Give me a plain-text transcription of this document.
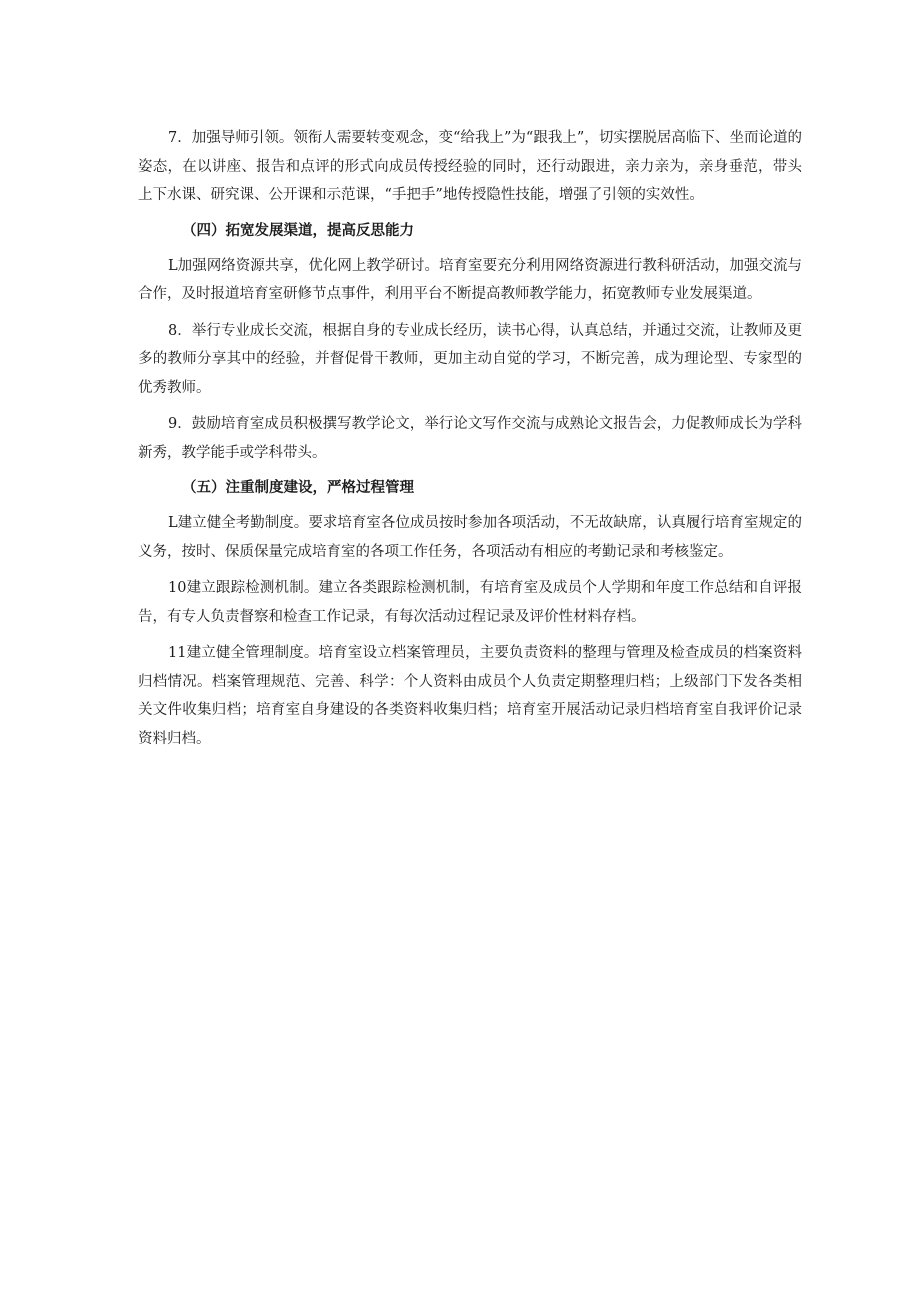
7．加强导师引领。领衔人需要转变观念，变“给我上”为“跟我上”，切实摆脱居高临下、坐而论道的姿态，在以讲座、报告和点评的形式向成员传授经验的同时，还行动跟进，亲力亲为，亲身垂范，带头上下水课、研究课、公开课和示范课，“手把手”地传授隐性技能，增强了引领的实效性。

（四）拓宽发展渠道，提高反思能力

L加强网络资源共享，优化网上教学研讨。培育室要充分利用网络资源进行教科研活动，加强交流与合作，及时报道培育室研修节点事件，利用平台不断提高教师教学能力，拓宽教师专业发展渠道。

8．举行专业成长交流，根据自身的专业成长经历，读书心得，认真总结，并通过交流，让教师及更多的教师分享其中的经验，并督促骨干教师，更加主动自觉的学习，不断完善，成为理论型、专家型的优秀教师。

9．鼓励培育室成员积极撰写教学论文，举行论文写作交流与成熟论文报告会，力促教师成长为学科新秀，教学能手或学科带头。

（五）注重制度建设，严格过程管理

L建立健全考勤制度。要求培育室各位成员按时参加各项活动，不无故缺席，认真履行培育室规定的义务，按时、保质保量完成培育室的各项工作任务，各项活动有相应的考勤记录和考核鉴定。

10建立跟踪检测机制。建立各类跟踪检测机制，有培育室及成员个人学期和年度工作总结和自评报告，有专人负责督察和检查工作记录，有每次活动过程记录及评价性材料存档。

11建立健全管理制度。培育室设立档案管理员，主要负责资料的整理与管理及检查成员的档案资料归档情况。档案管理规范、完善、科学：个人资料由成员个人负责定期整理归档；上级部门下发各类相关文件收集归档；培育室自身建设的各类资料收集归档；培育室开展活动记录归档培育室自我评价记录资料归档。
